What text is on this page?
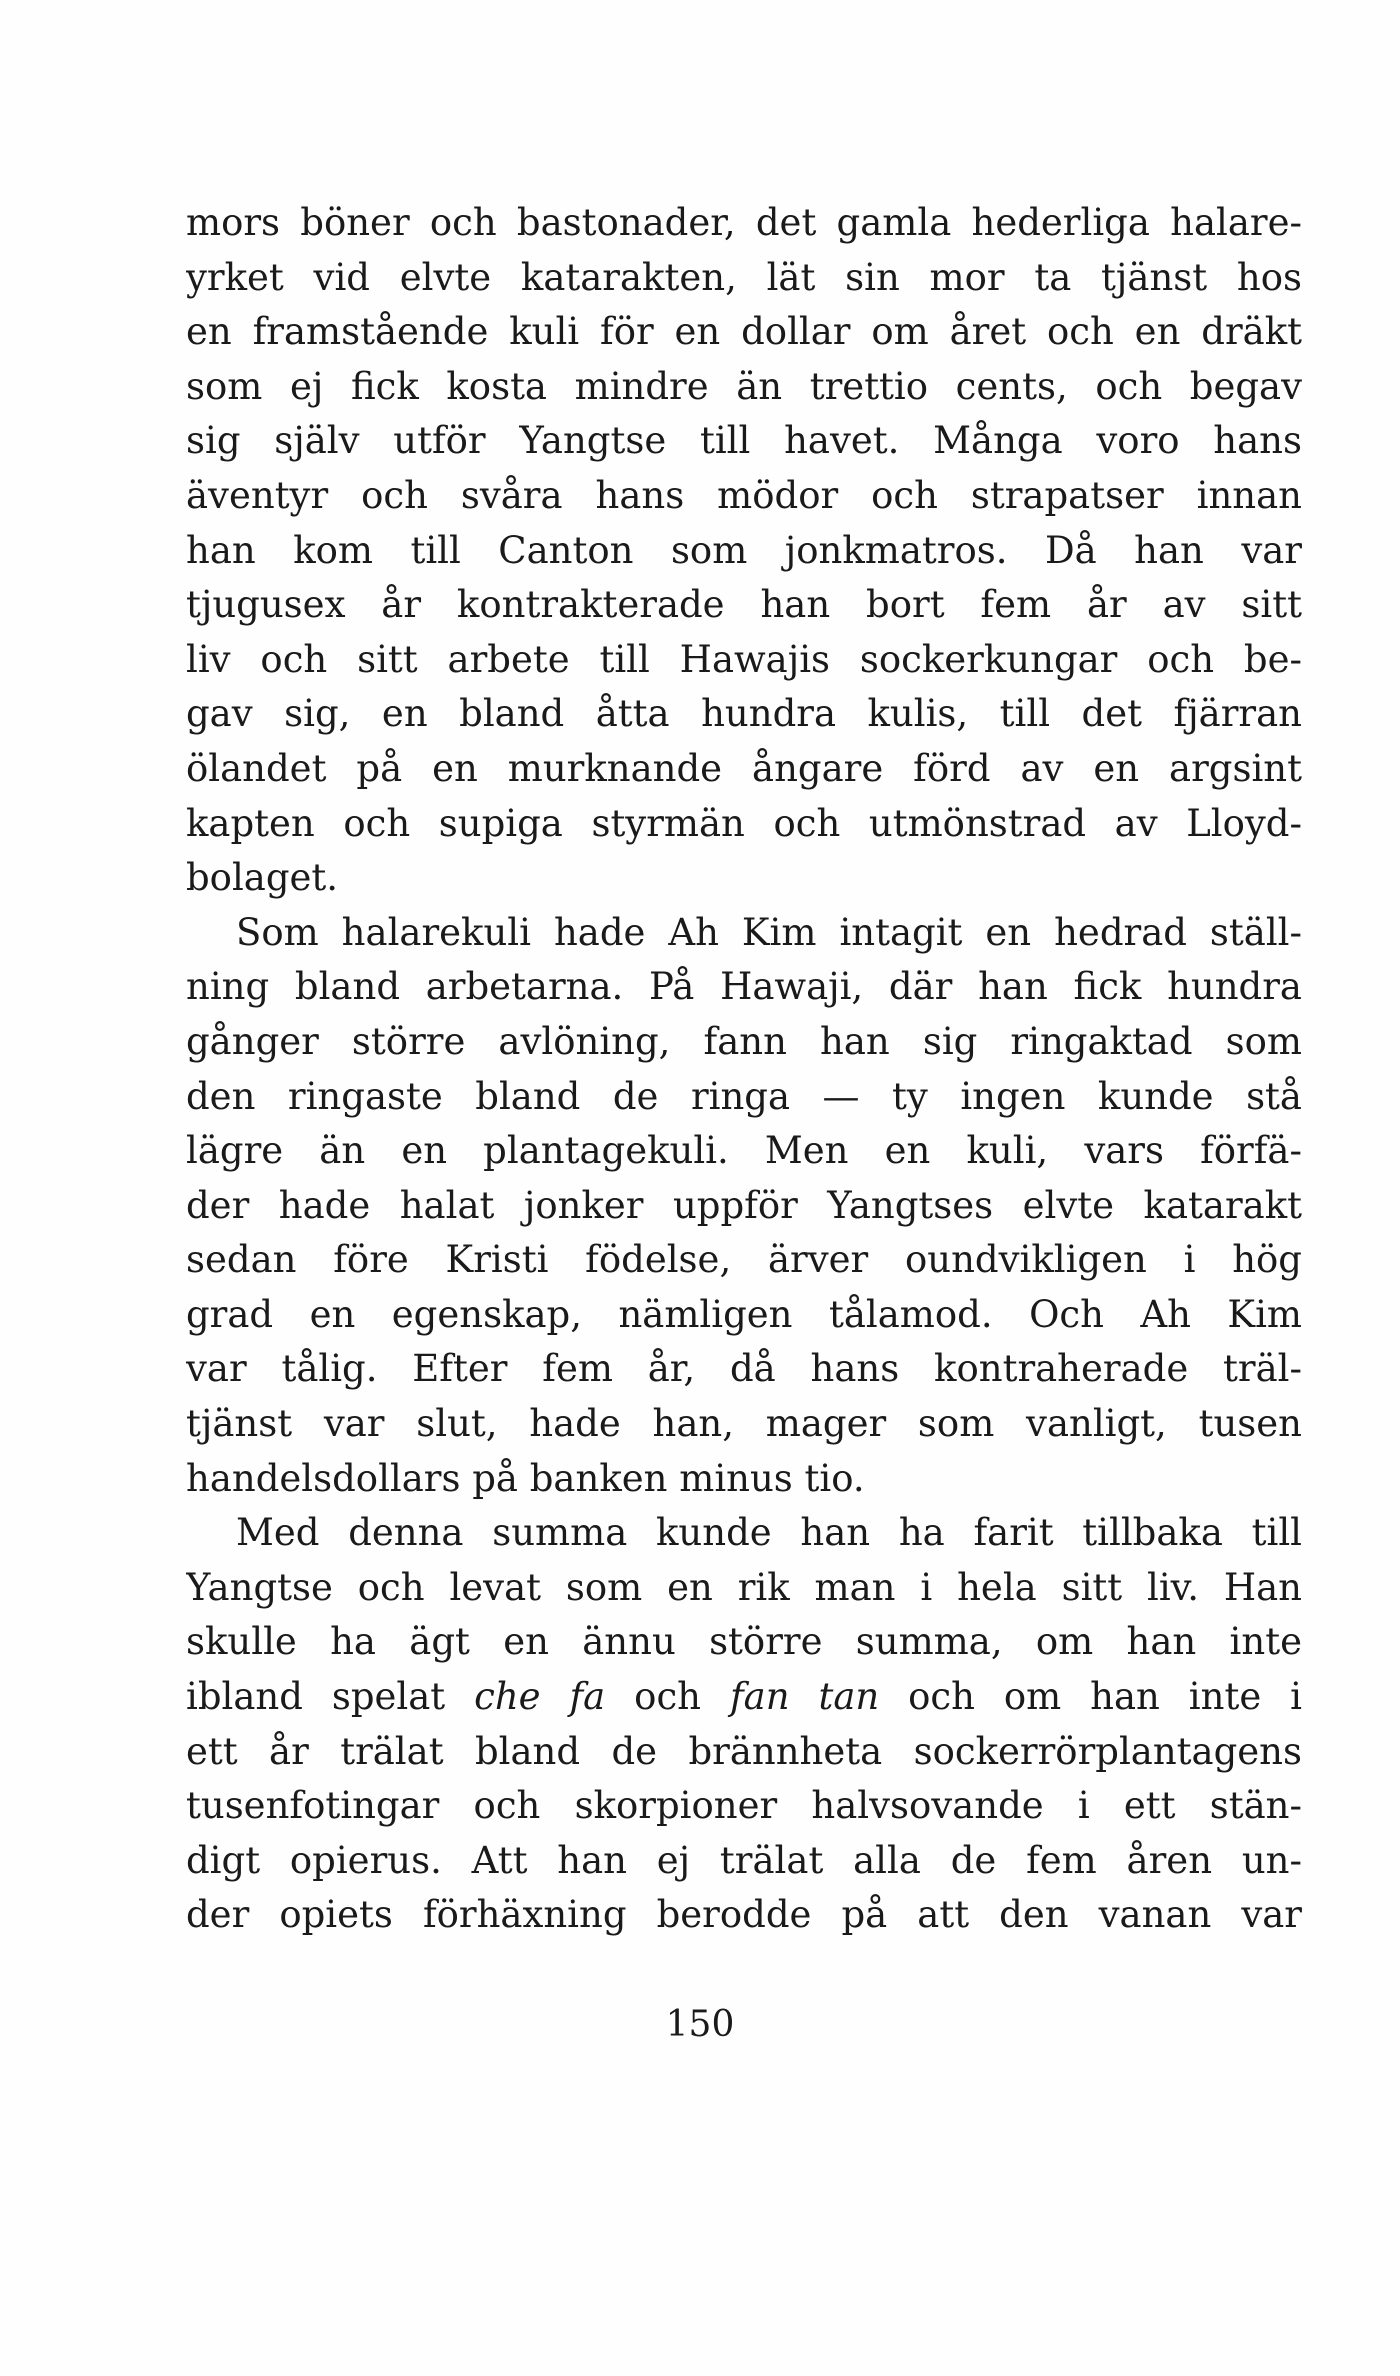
mors böner och bastonader, det gamla hederliga halare-
yrket vid elvte katarakten, lät sin mor ta tjänst hos
en framstående kuli för en dollar om året och en dräkt
som ej fick kosta mindre än trettio cents, och begav
sig själv utför Yangtse till havet. Många voro hans
äventyr och svåra hans mödor och strapatser innan
han kom till Canton som jonkmatros. Då han var
tjugusex år kontrakterade han bort fem år av sitt
liv och sitt arbete till Hawajis sockerkungar och be-
gav sig, en bland åtta hundra kulis, till det fjärran
ölandet på en murknande ångare förd av en argsint
kapten och supiga styrmän och utmönstrad av Lloyd-
bolaget.
Som halarekuli hade Ah Kim intagit en hedrad ställ-
ning bland arbetarna. På Hawaji, där han fick hundra
gånger större avlöning, fann han sig ringaktad som
den ringaste bland de ringa — ty ingen kunde stå
lägre än en plantagekuli. Men en kuli, vars förfä-
der hade halat jonker uppför Yangtses elvte katarakt
sedan före Kristi födelse, ärver oundvikligen i hög
grad en egenskap, nämligen tålamod. Och Ah Kim
var tålig. Efter fem år, då hans kontraherade träl-
tjänst var slut, hade han, mager som vanligt, tusen
handelsdollars på banken minus tio.
Med denna summa kunde han ha farit tillbaka till
Yangtse och levat som en rik man i hela sitt liv. Han
skulle ha ägt en ännu större summa, om han inte
ibland spelat che fa och fan tan och om han inte i
ett år trälat bland de brännheta sockerrörplantagens
tusenfotingar och skorpioner halvsovande i ett stän-
digt opierus. Att han ej trälat alla de fem åren un-
der opiets förhäxning berodde på att den vanan var
150
